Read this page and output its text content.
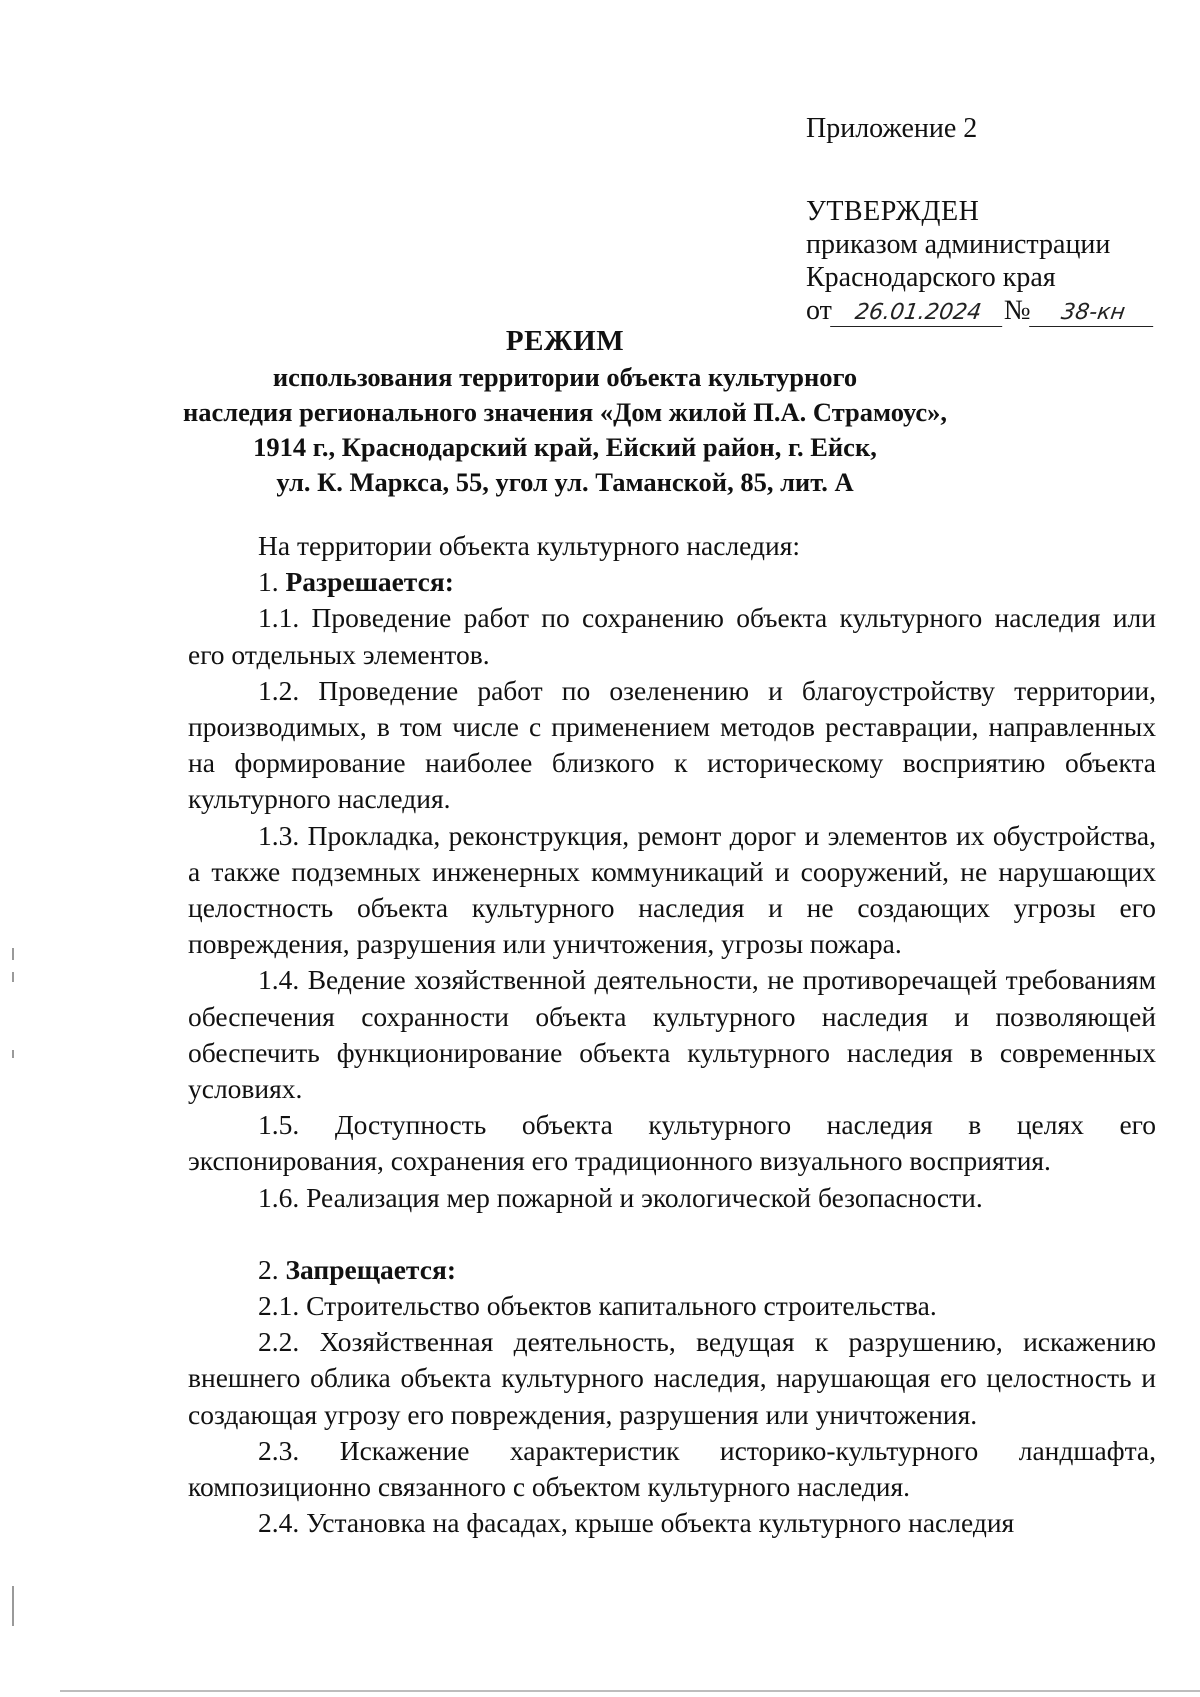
Приложение 2
УТВЕРЖДЕН
приказом администрации
Краснодарского края
от 26.01.2024 № 38-кн
РЕЖИМ
использования территории объекта культурного
наследия регионального значения «Дом жилой П.А. Страмоус»,
1914 г., Краснодарский край, Ейский район, г. Ейск,
ул. К. Маркса, 55, угол ул. Таманской, 85, лит. А

На территории объекта культурного наследия:

1. Разрешается:

1.1. Проведение работ по сохранению объекта культурного наследия или его отдельных элементов.

1.2. Проведение работ по озеленению и благоустройству территории, производимых, в том числе с применением методов реставрации, направленных на формирование наиболее близкого к историческому восприятию объекта культурного наследия.

1.3. Прокладка, реконструкция, ремонт дорог и элементов их обустройства, а также подземных инженерных коммуникаций и сооружений, не нарушающих целостность объекта культурного наследия и не создающих угрозы его повреждения, разрушения или уничтожения, угрозы пожара.

1.4. Ведение хозяйственной деятельности, не противоречащей требованиям обеспечения сохранности объекта культурного наследия и позволяющей обеспечить функционирование объекта культурного наследия в современных условиях.

1.5. Доступность объекта культурного наследия в целях его экспонирования, сохранения его традиционного визуального восприятия.

1.6. Реализация мер пожарной и экологической безопасности.

2. Запрещается:

2.1. Строительство объектов капитального строительства.

2.2. Хозяйственная деятельность, ведущая к разрушению, искажению внешнего облика объекта культурного наследия, нарушающая его целостность и создающая угрозу его повреждения, разрушения или уничтожения.

2.3. Искажение характеристик историко-культурного ландшафта, композиционно связанного с объектом культурного наследия.

2.4. Установка на фасадах, крыше объекта культурного наследия
